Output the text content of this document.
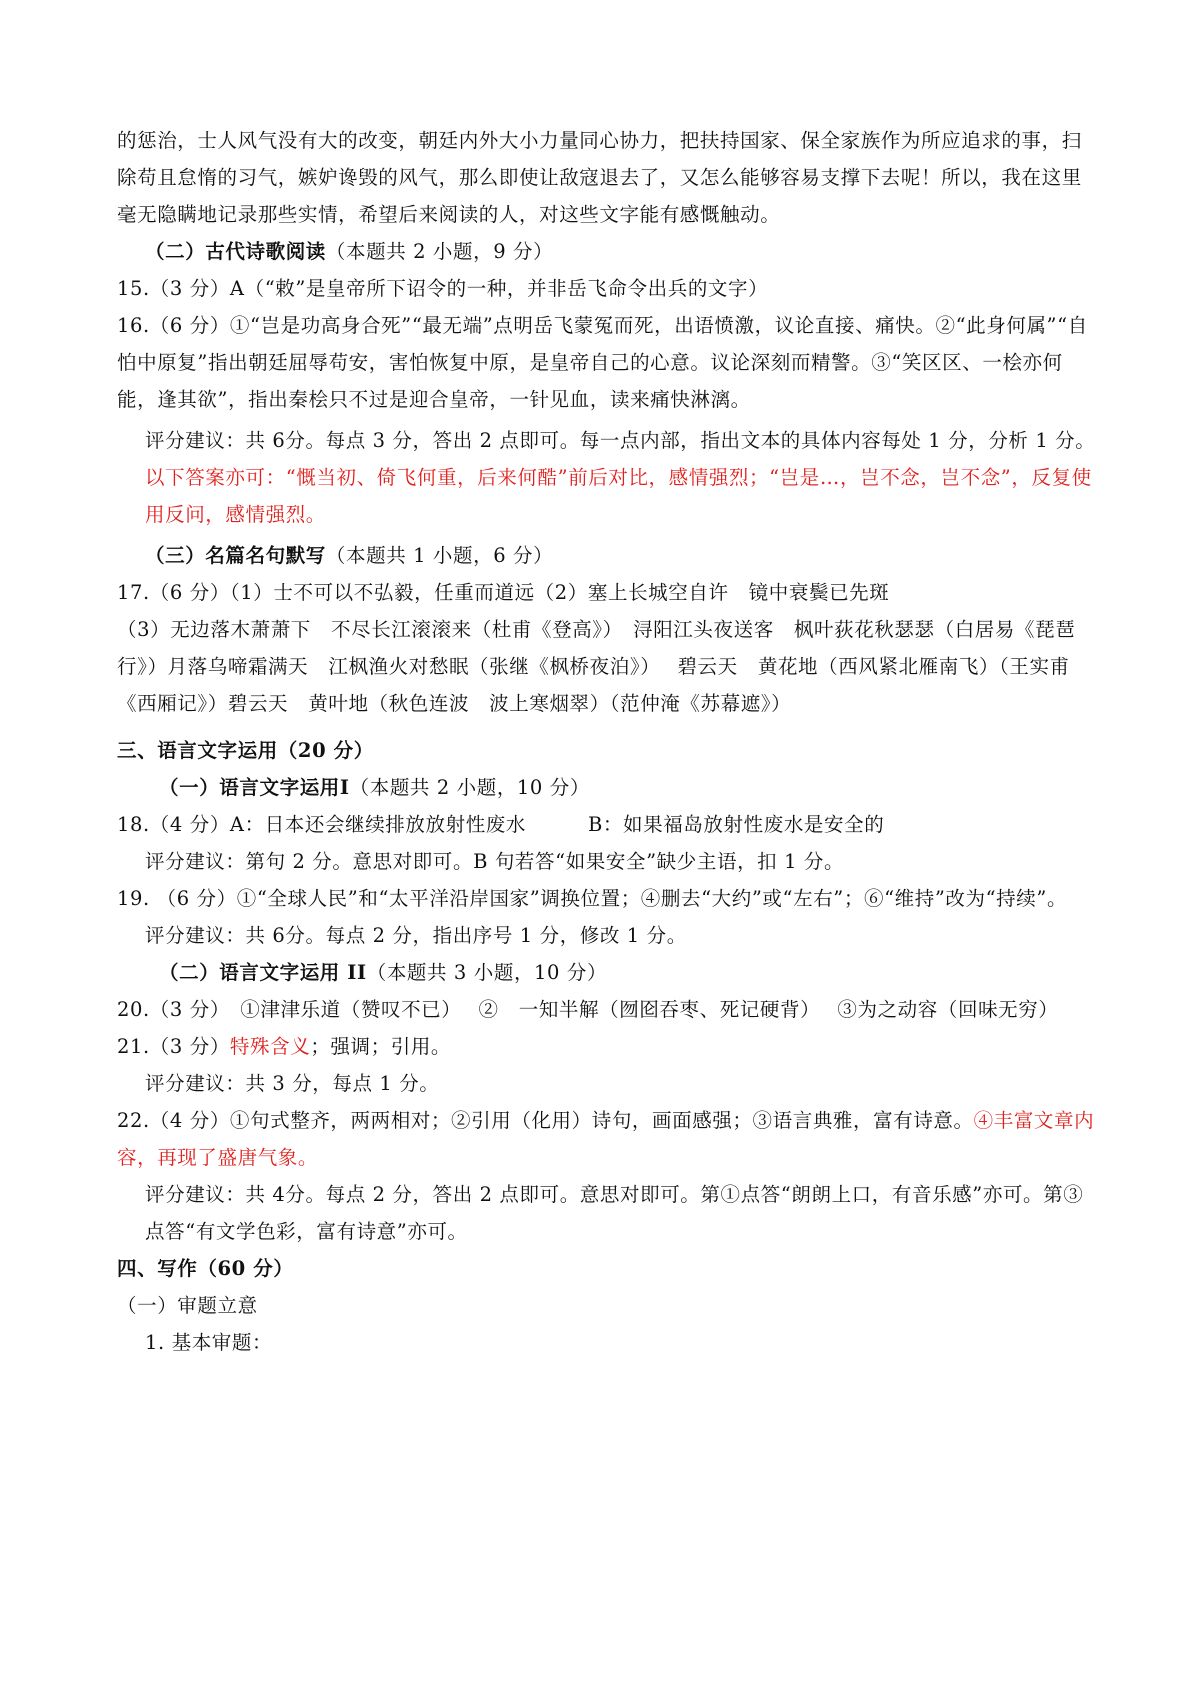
的惩治，士人风气没有大的改变，朝廷内外大小力量同心协力，把扶持国家、保全家族作为所应追求的事，扫除苟且怠惰的习气，嫉妒谗毁的风气，那么即使让敌寇退去了，又怎么能够容易支撑下去呢！所以，我在这里毫无隐瞒地记录那些实情，希望后来阅读的人，对这些文字能有感慨触动。

（二）古代诗歌阅读（本题共 2 小题，9 分）

15.（3 分）A（“敕”是皇帝所下诏令的一种，并非岳飞命令出兵的文字）

16.（6 分）①“岂是功高身合死”“最无端”点明岳飞蒙冤而死，出语愤激，议论直接、痛快。②“此身何属”“自怕中原复”指出朝廷屈辱苟安，害怕恢复中原，是皇帝自己的心意。议论深刻而精警。③“笑区区、一桧亦何能，逢其欲”，指出秦桧只不过是迎合皇帝，一针见血，读来痛快淋漓。

评分建议：共 6分。每点 3 分，答出 2 点即可。每一点内部，指出文本的具体内容每处 1 分，分析 1 分。以下答案亦可：“慨当初、倚飞何重，后来何酷”前后对比，感情强烈；“岂是…，岂不念，岂不念”，反复使用反问，感情强烈。

（三）名篇名句默写（本题共 1 小题，6 分）

17.（6 分）（1）士不可以不弘毅，任重而道远（2）塞上长城空自许　镜中衰鬓已先斑

（3）无边落木萧萧下　不尽长江滚滚来（杜甫《登高》）　浔阳江头夜送客　枫叶荻花秋瑟瑟（白居易《琵琶行》）月落乌啼霜满天　江枫渔火对愁眠（张继《枫桥夜泊》）　 碧云天　黄花地（西风紧北雁南飞）（王实甫《西厢记》）碧云天　黄叶地（秋色连波　波上寒烟翠）（范仲淹《苏幕遮》）

三、语言文字运用（20 分）

（一）语言文字运用Ⅰ（本题共 2 小题，10 分）

18.（4 分）A：日本还会继续排放放射性废水	B：如果福岛放射性废水是安全的

评分建议：第句 2 分。意思对即可。B 句若答“如果安全”缺少主语，扣 1 分。

19. （6 分）①“全球人民”和“太平洋沿岸国家”调换位置；④删去“大约”或“左右”；⑥“维持”改为“持续”。

评分建议：共 6分。每点 2 分，指出序号 1 分，修改 1 分。

（二）语言文字运用 II（本题共 3 小题，10 分）

20.（3 分）　①津津乐道（赞叹不已）　 ②　一知半解（囫囵吞枣、死记硬背）　 ③为之动容（回味无穷）

21.（3 分）特殊含义；强调；引用。

评分建议：共 3 分，每点 1 分。

22.（4 分）①句式整齐，两两相对；②引用（化用）诗句，画面感强；③语言典雅，富有诗意。④丰富文章内容，再现了盛唐气象。

评分建议：共 4分。每点 2 分，答出 2 点即可。意思对即可。第①点答“朗朗上口，有音乐感”亦可。第③点答“有文学色彩，富有诗意”亦可。

四、写作（60 分）

（一）审题立意

1. 基本审题：
